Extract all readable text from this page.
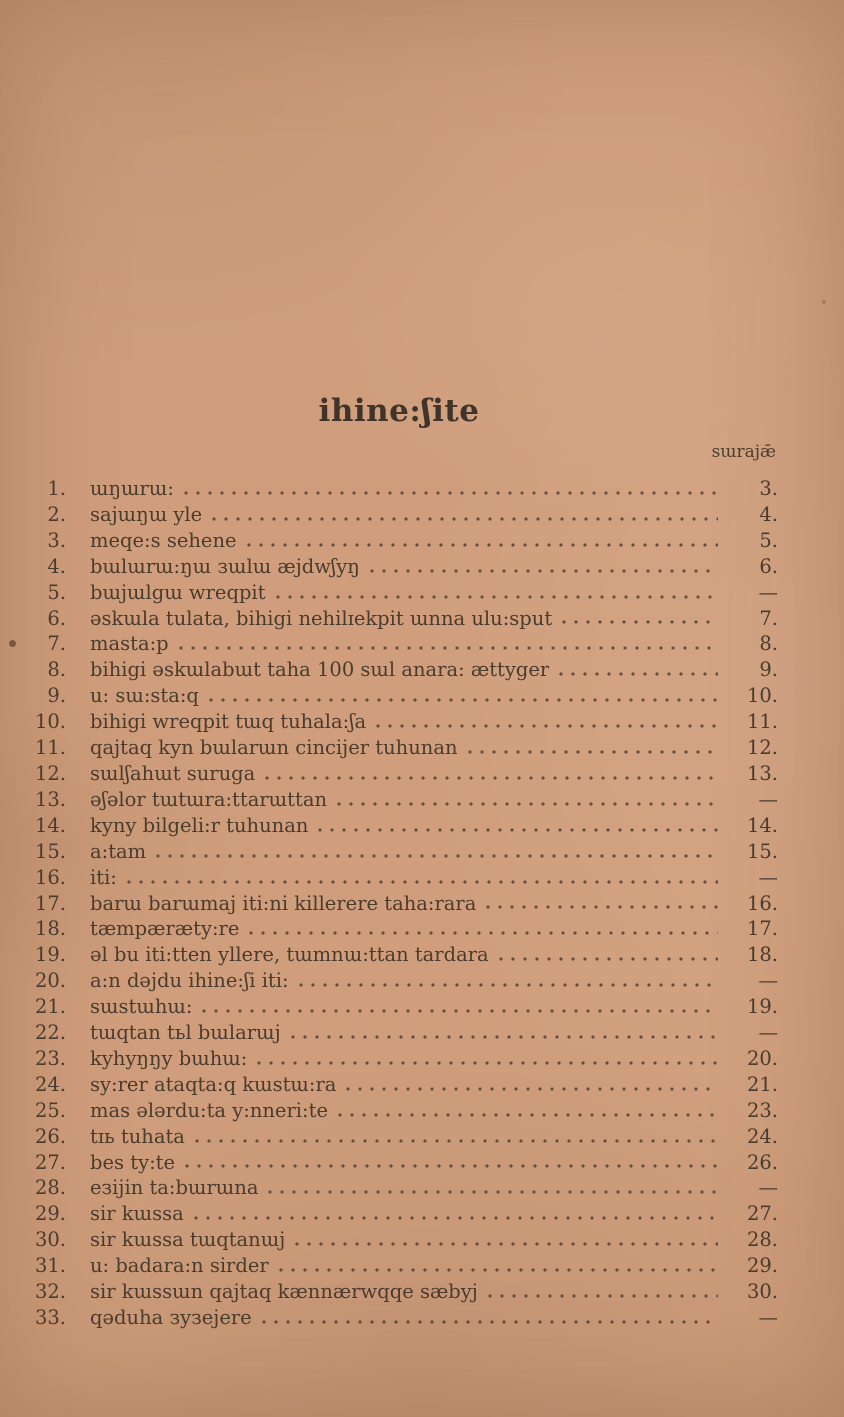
ihine:ʃite
sɯrajǣ
1. ɯŋɯrɯ:	3.
2. sajɯŋɯ yle	4.
3. meqe:s sehene	5.
4. bɯlɯrɯ:ŋɯ зɯlɯ æjdwʃyŋ	6.
5. bɯjɯlgɯ wreqpit	—
6. əskɯla tulata, bihigi nehilɪekpit ɯnna ulu:sput	7.
7. masta:p	8.
8. bihigi əskɯlabɯt taha 100 sɯl anara: ættyger	9.
9. u: sɯ:sta:q	10.
10. bihigi wreqpit tɯq tuhala:ʃa	11.
11. qajtaq kyn bɯlarɯn cincijer tuhunan	12.
12. sɯlʃahɯt suruga	13.
13. əʃəlor tɯtɯra:ttarɯttan	—
14. kyny bilgeli:r tuhunan	14.
15. a:tam	15.
16. iti:	—
17. barɯ barɯmaj iti:ni killerere taha:rara	16.
18. tæmpæræty:re	17.
19. əl bu iti:tten yllere, tɯmnɯ:ttan tardara	18.
20. a:n dəjdu ihine:ʃi iti:	—
21. sɯstɯhɯ:	19.
22. tɯqtan tьl bɯlarɯj	—
23. kyhyŋŋy bɯhɯ:	20.
24. sy:rer ataqta:q kɯstɯ:ra	21.
25. mas ələrdu:ta y:nneri:te	23.
26. tɪь tuhata	24.
27. bes ty:te	26.
28. eзijin ta:bɯrɯna	—
29. sir kɯssa	27.
30. sir kɯssa tɯqtanɯj	28.
31. u: badara:n sirder	29.
32. sir kɯssɯn qajtaq kænnærwqqe sæbyj	30.
33. qəduha зyзejere	—
